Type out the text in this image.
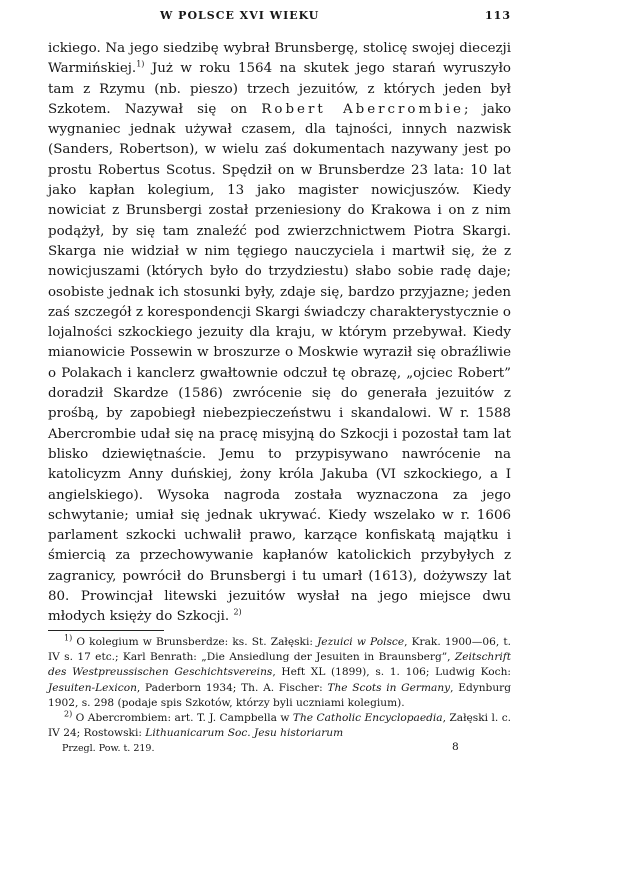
W POLSCE XVI WIEKU	113

ickiego. Na jego siedzibę wybrał Brunsbergę, stolicę swojej diecezji Warmińskiej.$^{1)}$ Już w roku 1564 na skutek jego starań wyruszyło tam z Rzymu (nb. pieszo) trzech jezuitów, z których jeden był Szkotem. Nazywał się on Robert Abercrombie; jako wygnaniec jednak używał czasem, dla tajności, innych nazwisk (Sanders, Robertson), w wielu zaś dokumentach nazywany jest po prostu Robertus Scotus. Spędził on w Brunsberdze 23 lata: 10 lat jako kapłan kolegium, 13 jako magister nowicjuszów. Kiedy nowiciat z Brunsbergi został przeniesiony do Krakowa i on z nim podążył, by się tam znaleźć pod zwierzchnictwem Piotra Skargi. Skarga nie widział w nim tęgiego nauczyciela i martwił się, że z nowicjuszami (których było do trzydziestu) słabo sobie radę daje; osobiste jednak ich stosunki były, zdaje się, bardzo przyjazne; jeden zaś szczegół z korespondencji Skargi świadczy charakterystycznie o lojalności szkockiego jezuity dla kraju, w którym przebywał. Kiedy mianowicie Possewin w broszurze o Moskwie wyraził się obraźliwie o Polakach i kanclerz gwałtownie odczuł tę obrazę, „ojciec Robert” doradził Skardze (1586) zwrócenie się do generała jezuitów z prośbą, by zapobiegł niebezpieczeństwu i skandalowi. W r. 1588 Abercrombie udał się na pracę misyjną do Szkocji i pozostał tam lat blisko dziewiętnaście. Jemu to przypisywano nawrócenie na katolicyzm Anny duńskiej, żony króla Jakuba (VI szkockiego, a I angielskiego). Wysoka nagroda została wyznaczona za jego schwytanie; umiał się jednak ukrywać. Kiedy wszelako w r. 1606 parlament szkocki uchwalił prawo, karzące konfiskatą majątku i śmiercią za przechowywanie kapłanów katolickich przybyłych z zagranicy, powrócił do Brunsbergi i tu umarł (1613), dożywszy lat 80. Prowincjał litewski jezuitów wysłał na jego miejsce dwu młodych księży do Szkocji. $^{2)}$

$^{1)}$ O kolegium w Brunsberdze: ks. St. Załęski: Jezuici w Polsce, Krak. 1900—06, t. IV s. 17 etc.; Karl Benrath: „Die Ansiedlung der Jesuiten in Braunsberg”, Zeitschrift des Westpreussischen Geschichtsvereins, Heft XL (1899), s. 1. 106; Ludwig Koch: Jesuiten-Lexicon, Paderborn 1934; Th. A. Fischer: The Scots in Germany, Edynburg 1902, s. 298 (podaje spis Szkotów, którzy byli uczniami kolegium).

$^{2)}$ O Abercrombiem: art. T. J. Campbella w The Catholic Encyclopaedia, Załęski l. c. IV 24; Rostowski: Lithuanicarum Soc. Jesu historiarum

Przegl. Pow. t. 219.	8
